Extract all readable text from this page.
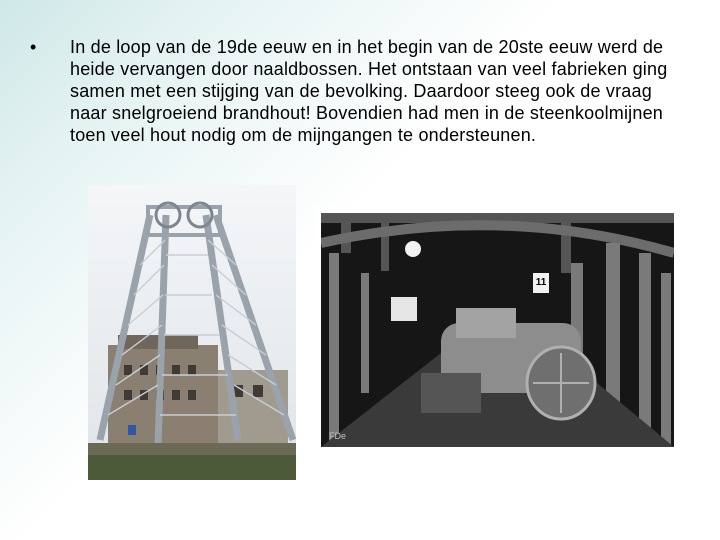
•	In de loop van de 19de eeuw en in het begin van de 20ste eeuw werd de heide vervangen door naaldbossen. Het ontstaan van veel fabrieken ging samen met een stijging van de bevolking. Daardoor steeg ook de vraag naar snelgroeiend brandhout! Bovendien had men in de steenkoolmijnen toen veel hout nodig om de mijngangen te ondersteunen.
11
FDe
